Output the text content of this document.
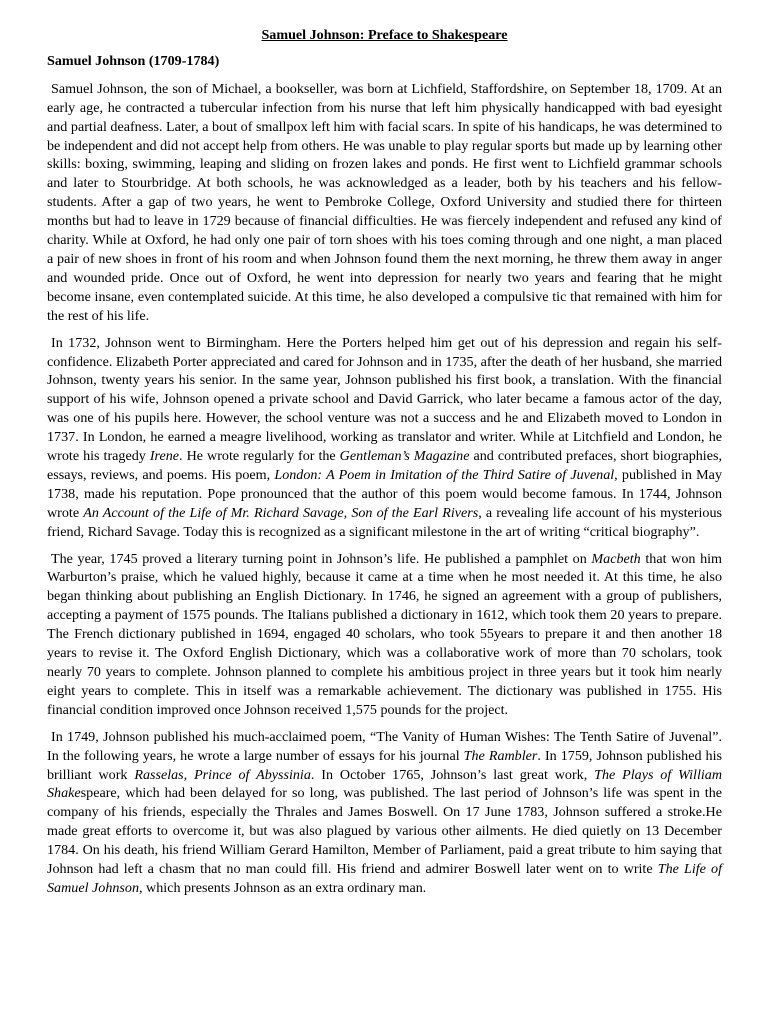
Samuel Johnson: Preface to Shakespeare
Samuel Johnson (1709-1784)

Samuel Johnson, the son of Michael, a bookseller, was born at Lichfield, Staffordshire, on September 18, 1709. At an early age, he contracted a tubercular infection from his nurse that left him physically handicapped with bad eyesight and partial deafness. Later, a bout of smallpox left him with facial scars. In spite of his handicaps, he was determined to be independent and did not accept help from others. He was unable to play regular sports but made up by learning other skills: boxing, swimming, leaping and sliding on frozen lakes and ponds. He first went to Lichfield grammar schools and later to Stourbridge. At both schools, he was acknowledged as a leader, both by his teachers and his fellow-students. After a gap of two years, he went to Pembroke College, Oxford University and studied there for thirteen months but had to leave in 1729 because of financial difficulties. He was fiercely independent and refused any kind of charity. While at Oxford, he had only one pair of torn shoes with his toes coming through and one night, a man placed a pair of new shoes in front of his room and when Johnson found them the next morning, he threw them away in anger and wounded pride. Once out of Oxford, he went into depression for nearly two years and fearing that he might become insane, even contemplated suicide. At this time, he also developed a compulsive tic that remained with him for the rest of his life.

In 1732, Johnson went to Birmingham. Here the Porters helped him get out of his depression and regain his self-confidence. Elizabeth Porter appreciated and cared for Johnson and in 1735, after the death of her husband, she married Johnson, twenty years his senior. In the same year, Johnson published his first book, a translation. With the financial support of his wife, Johnson opened a private school and David Garrick, who later became a famous actor of the day, was one of his pupils here. However, the school venture was not a success and he and Elizabeth moved to London in 1737. In London, he earned a meagre livelihood, working as translator and writer. While at Litchfield and London, he wrote his tragedy Irene. He wrote regularly for the Gentleman’s Magazine and contributed prefaces, short biographies, essays, reviews, and poems. His poem, London: A Poem in Imitation of the Third Satire of Juvenal, published in May 1738, made his reputation. Pope pronounced that the author of this poem would become famous. In 1744, Johnson wrote An Account of the Life of Mr. Richard Savage, Son of the Earl Rivers, a revealing life account of his mysterious friend, Richard Savage. Today this is recognized as a significant milestone in the art of writing “critical biography”.

The year, 1745 proved a literary turning point in Johnson’s life. He published a pamphlet on Macbeth that won him Warburton’s praise, which he valued highly, because it came at a time when he most needed it. At this time, he also began thinking about publishing an English Dictionary. In 1746, he signed an agreement with a group of publishers, accepting a payment of 1575 pounds. The Italians published a dictionary in 1612, which took them 20 years to prepare. The French dictionary published in 1694, engaged 40 scholars, who took 55years to prepare it and then another 18 years to revise it. The Oxford English Dictionary, which was a collaborative work of more than 70 scholars, took nearly 70 years to complete. Johnson planned to complete his ambitious project in three years but it took him nearly eight years to complete. This in itself was a remarkable achievement. The dictionary was published in 1755. His financial condition improved once Johnson received 1,575 pounds for the project.

In 1749, Johnson published his much-acclaimed poem, “The Vanity of Human Wishes: The Tenth Satire of Juvenal”. In the following years, he wrote a large number of essays for his journal The Rambler. In 1759, Johnson published his brilliant work Rasselas, Prince of Abyssinia. In October 1765, Johnson’s last great work, The Plays of William Shakespeare, which had been delayed for so long, was published. The last period of Johnson’s life was spent in the company of his friends, especially the Thrales and James Boswell. On 17 June 1783, Johnson suffered a stroke.He made great efforts to overcome it, but was also plagued by various other ailments. He died quietly on 13 December 1784. On his death, his friend William Gerard Hamilton, Member of Parliament, paid a great tribute to him saying that Johnson had left a chasm that no man could fill. His friend and admirer Boswell later went on to write The Life of Samuel Johnson, which presents Johnson as an extra ordinary man.
